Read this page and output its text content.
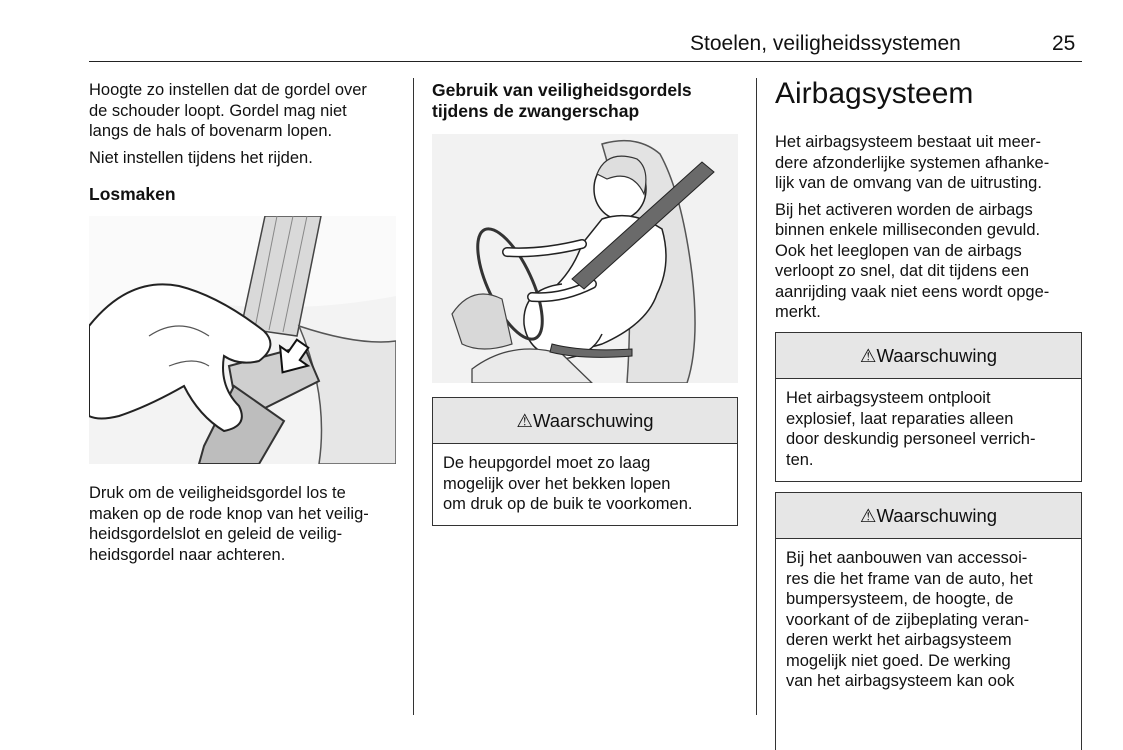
Stoelen, veiligheidssystemen	25

Hoogte zo instellen dat de gordel over

de schouder loopt. Gordel mag niet

langs de hals of bovenarm lopen.

Niet instellen tijdens het rijden.

Losmaken

Druk om de veiligheidsgordel los te

maken op de rode knop van het veilig-

heidsgordelslot en geleid de veilig-

heidsgordel naar achteren.

Gebruik van veiligheidsgordels

tijdens de zwangerschap

⚠Waarschuwing

De heupgordel moet zo laag

mogelijk over het bekken lopen

om druk op de buik te voorkomen.

Airbagsysteem

Het airbagsysteem bestaat uit meer-

dere afzonderlijke systemen afhanke-

lijk van de omvang van de uitrusting.

Bij het activeren worden de airbags

binnen enkele milliseconden gevuld.

Ook het leeglopen van de airbags

verloopt zo snel, dat dit tijdens een

aanrijding vaak niet eens wordt opge-

merkt.

⚠Waarschuwing

Het airbagsysteem ontplooit

explosief, laat reparaties alleen

door deskundig personeel verrich-

ten.

⚠Waarschuwing

Bij het aanbouwen van accessoi-

res die het frame van de auto, het

bumpersysteem, de hoogte, de

voorkant of de zijbeplating veran-

deren werkt het airbagsysteem

mogelijk niet goed. De werking

van het airbagsysteem kan ook
